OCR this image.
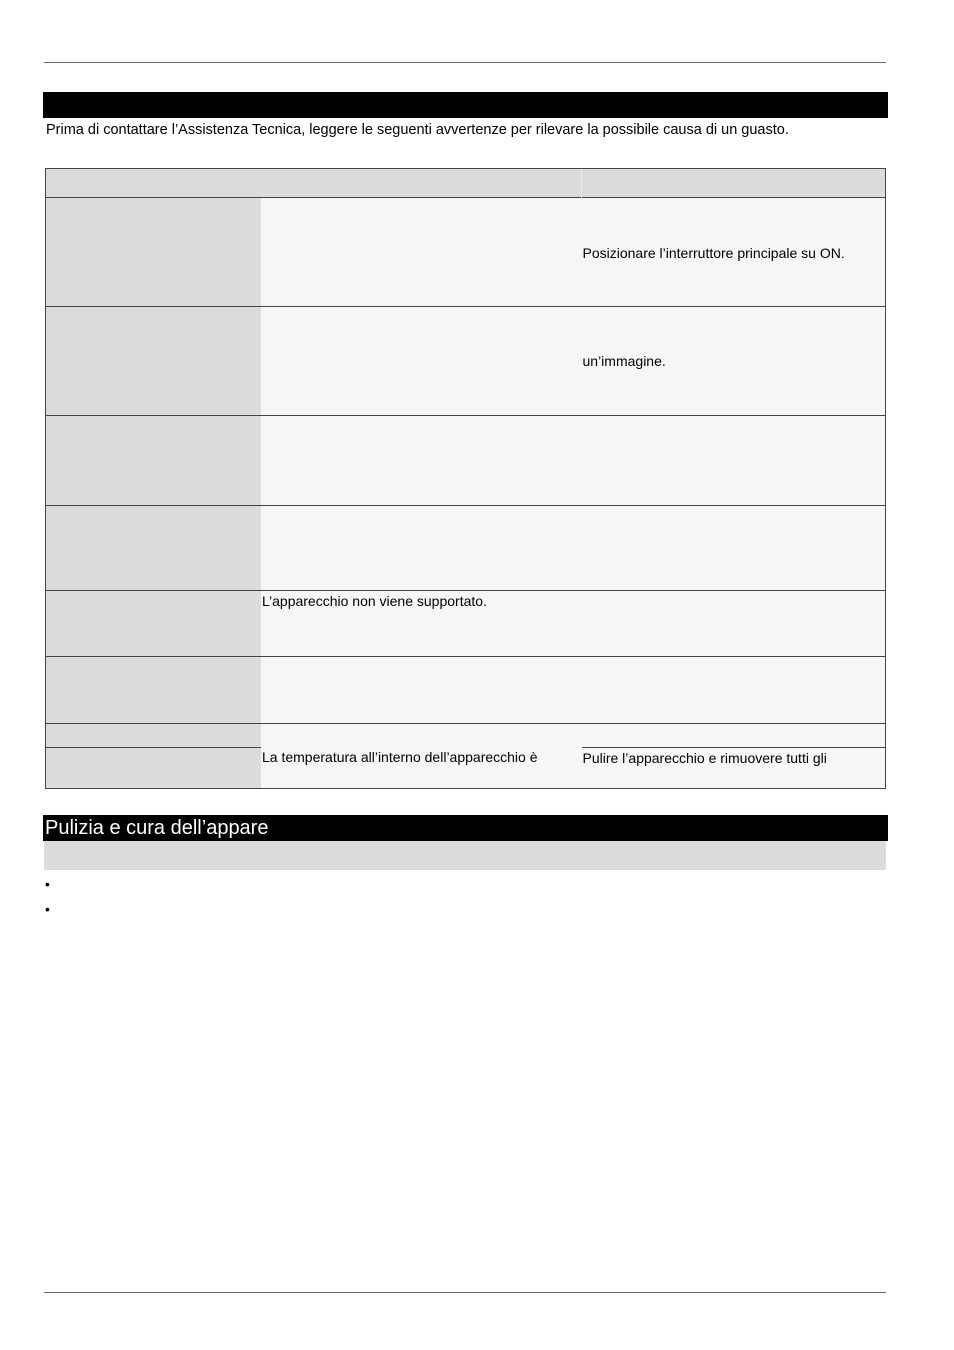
Prima di contattare l’Assistenza Tecnica, leggere le seguenti avvertenze per rilevare la possibile causa di un guasto.

		Posizionare l’interruttore principale su ON.

		un’immagine.

	L’apparecchio non viene supportato.	

	La temperatura all’interno dell’apparecchio è	Pulire l’apparecchio e rimuovere tutti gli
Pulizia e cura dell’appare
•
•
